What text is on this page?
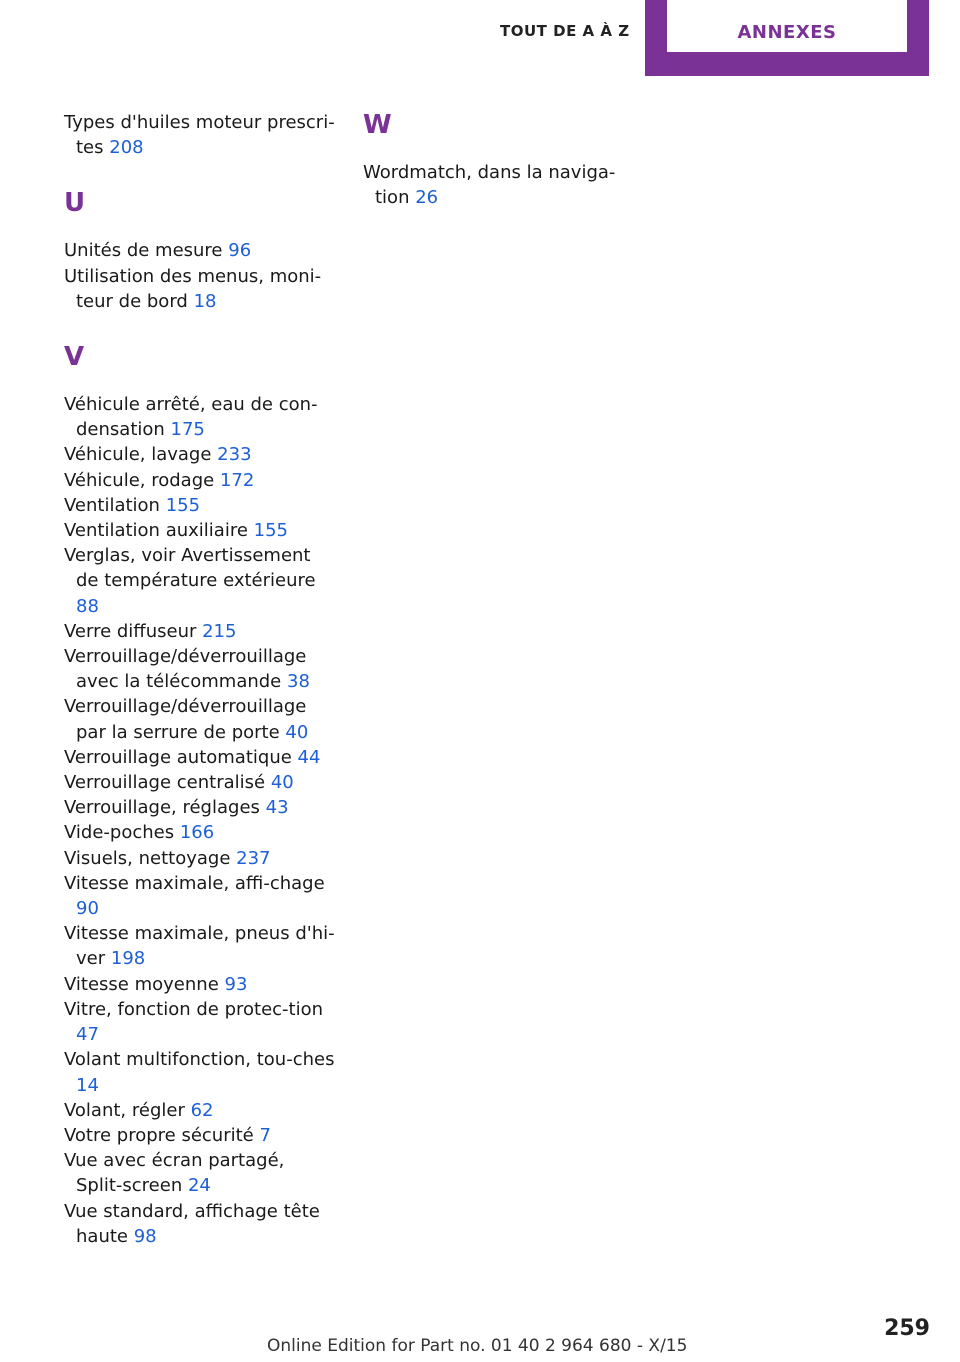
TOUT DE A À Z	ANNEXES
Types d'huiles moteur prescri-tes 208
U
Unités de mesure 96
Utilisation des menus, moni-teur de bord 18
V
Véhicule arrêté, eau de con-densation 175
Véhicule, lavage 233
Véhicule, rodage 172
Ventilation 155
Ventilation auxiliaire 155
Verglas, voir Avertissement de température extérieure 88
Verre diffuseur 215
Verrouillage/déverrouillage avec la télécommande 38
Verrouillage/déverrouillage par la serrure de porte 40
Verrouillage automatique 44
Verrouillage centralisé 40
Verrouillage, réglages 43
Vide-poches 166
Visuels, nettoyage 237
Vitesse maximale, affi-chage 90
Vitesse maximale, pneus d'hi-ver 198
Vitesse moyenne 93
Vitre, fonction de protec-tion 47
Volant multifonction, tou-ches 14
Volant, régler 62
Votre propre sécurité 7
Vue avec écran partagé, Split-screen 24
Vue standard, affichage tête haute 98
W
Wordmatch, dans la naviga-tion 26
Online Edition for Part no. 01 40 2 964 680 - X/15
259
